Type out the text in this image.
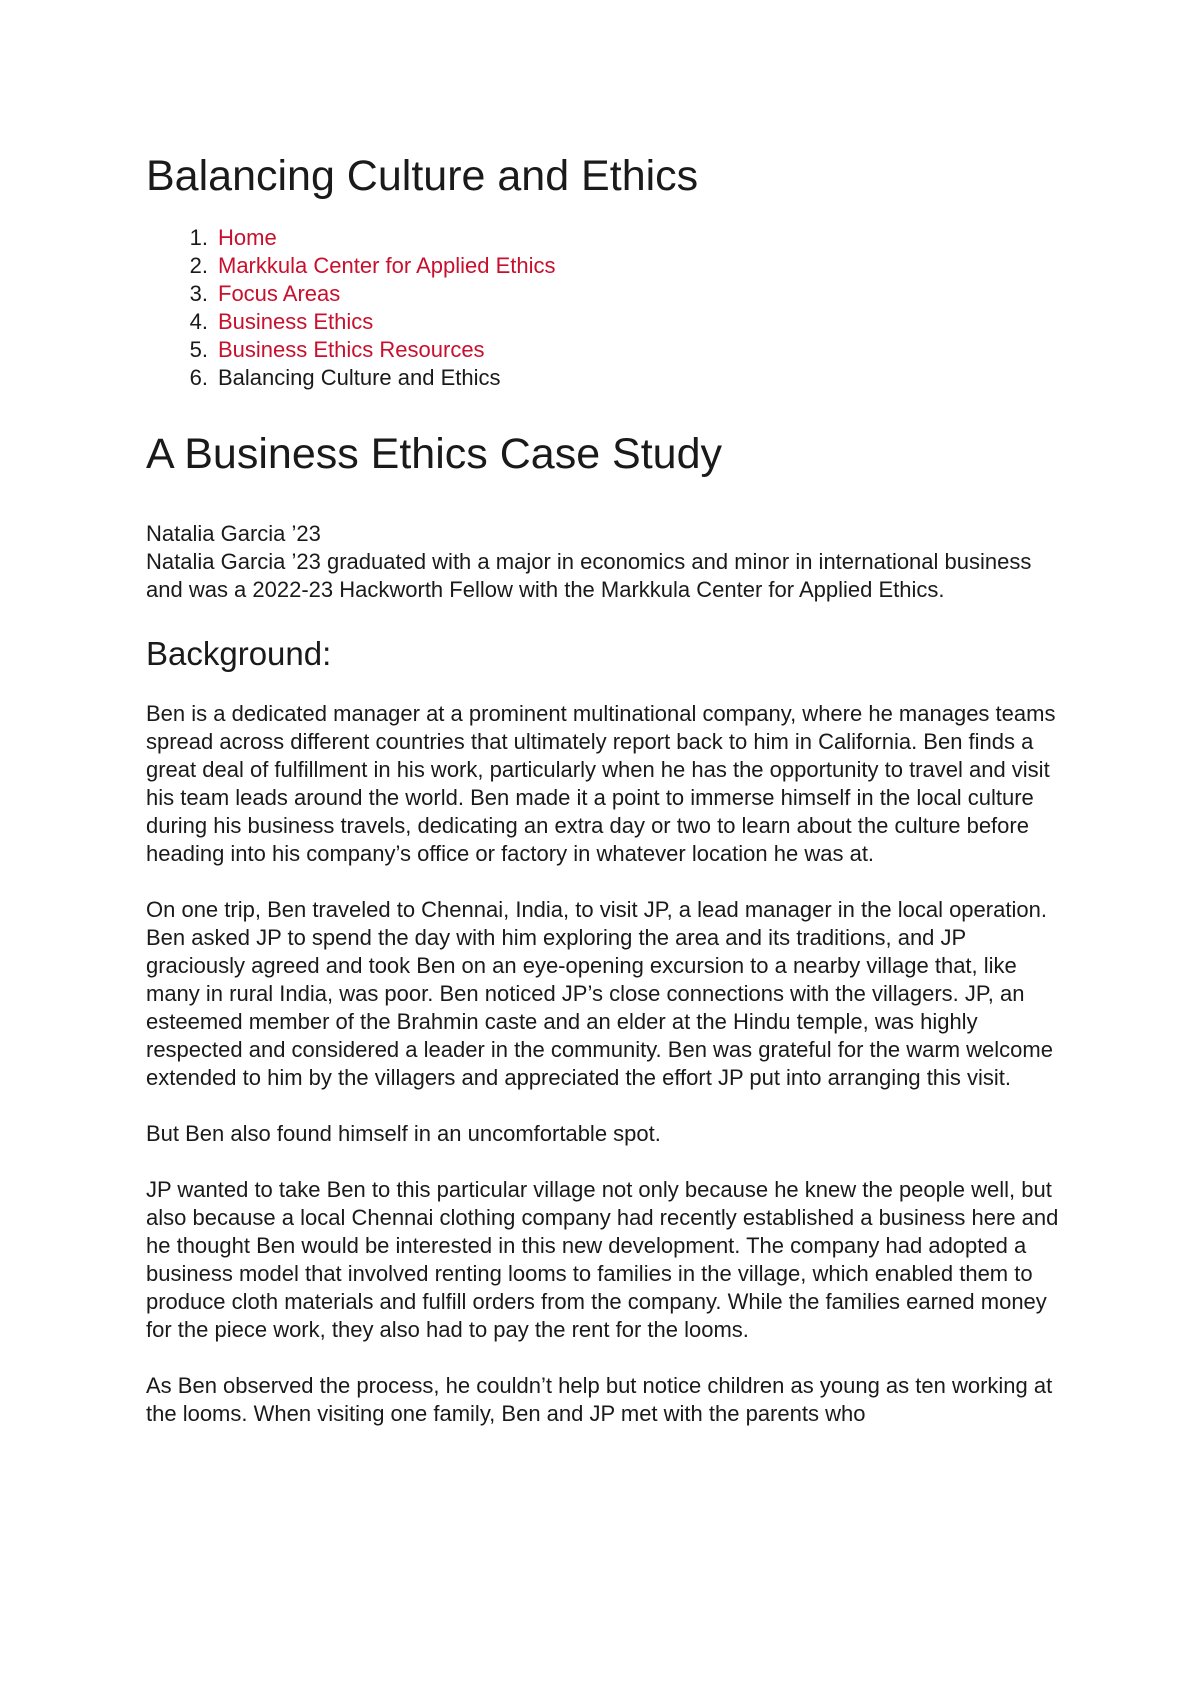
Balancing Culture and Ethics
1. Home
2. Markkula Center for Applied Ethics
3. Focus Areas
4. Business Ethics
5. Business Ethics Resources
6. Balancing Culture and Ethics
A Business Ethics Case Study

Natalia Garcia ’23

Natalia Garcia ’23 graduated with a major in economics and minor in international business and was a 2022-23 Hackworth Fellow with the Markkula Center for Applied Ethics.

Background:

Ben is a dedicated manager at a prominent multinational company, where he manages teams spread across different countries that ultimately report back to him in California. Ben finds a great deal of fulfillment in his work, particularly when he has the opportunity to travel and visit his team leads around the world. Ben made it a point to immerse himself in the local culture during his business travels, dedicating an extra day or two to learn about the culture before heading into his company’s office or factory in whatever location he was at.

On one trip, Ben traveled to Chennai, India, to visit JP, a lead manager in the local operation. Ben asked JP to spend the day with him exploring the area and its traditions, and JP graciously agreed and took Ben on an eye-opening excursion to a nearby village that, like many in rural India, was poor. Ben noticed JP’s close connections with the villagers. JP, an esteemed member of the Brahmin caste and an elder at the Hindu temple, was highly respected and considered a leader in the community. Ben was grateful for the warm welcome extended to him by the villagers and appreciated the effort JP put into arranging this visit.

But Ben also found himself in an uncomfortable spot.

JP wanted to take Ben to this particular village not only because he knew the people well, but also because a local Chennai clothing company had recently established a business here and he thought Ben would be interested in this new development. The company had adopted a business model that involved renting looms to families in the village, which enabled them to produce cloth materials and fulfill orders from the company. While the families earned money for the piece work, they also had to pay the rent for the looms.

As Ben observed the process, he couldn’t help but notice children as young as ten working at the looms. When visiting one family, Ben and JP met with the parents who
